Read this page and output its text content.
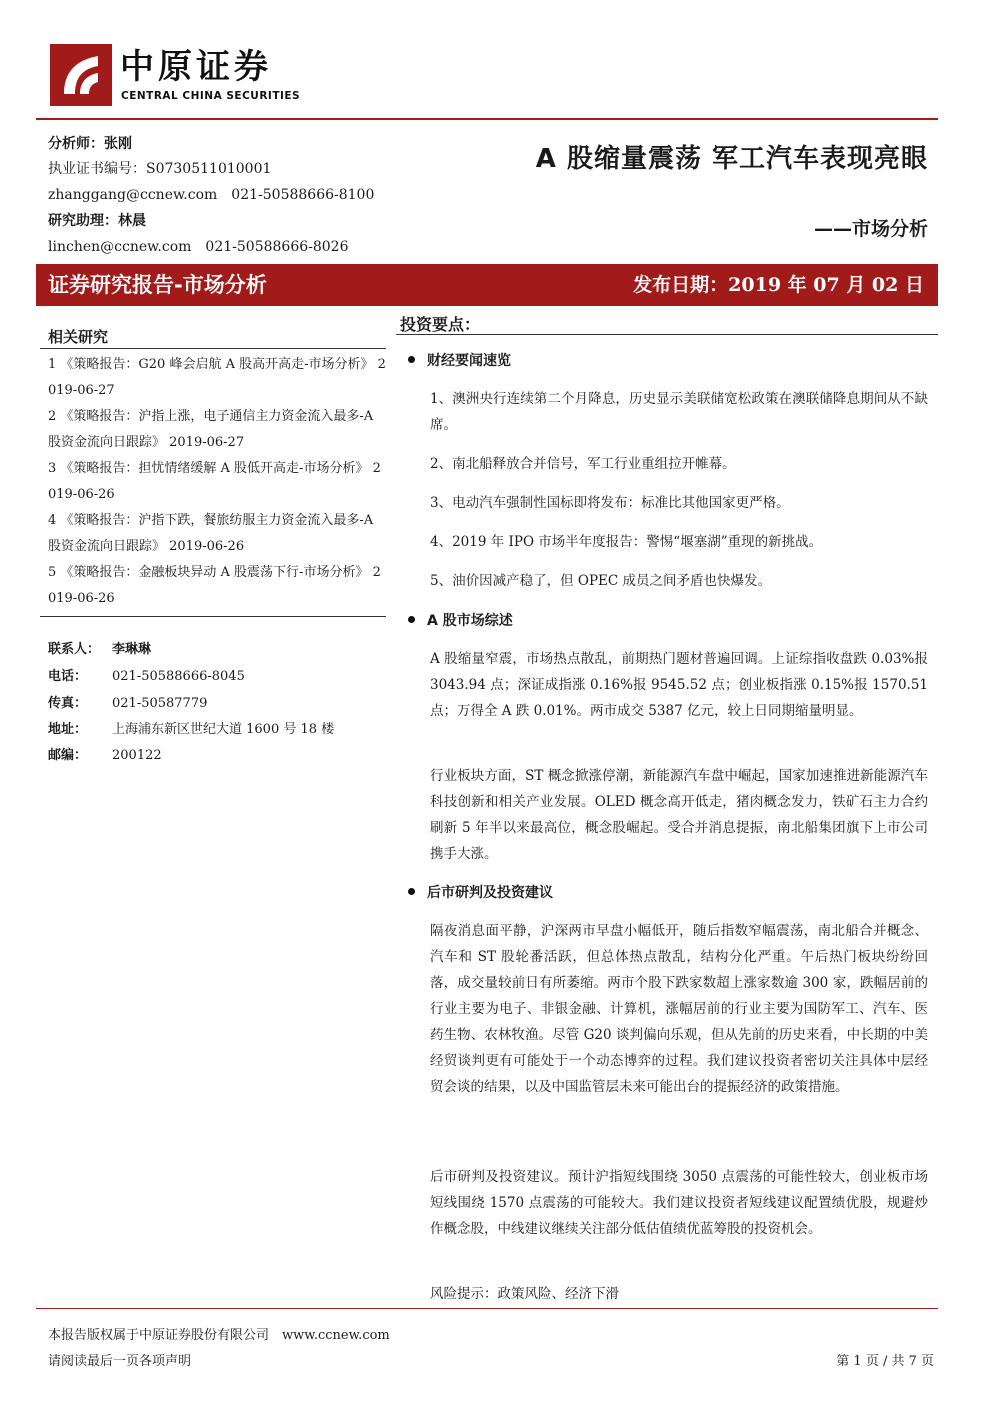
中原证券
CENTRAL CHINA SECURITIES
分析师：张刚
执业证书编号：S0730511010001
zhanggang@ccnew.com　021-50588666-8100
研究助理：林晨
linchen@ccnew.com　021-50588666-8026
A 股缩量震荡 军工汽车表现亮眼
——市场分析
证券研究报告-市场分析	发布日期：2019 年 07 月 02 日
相关研究
1 《策略报告：G20 峰会启航 A 股高开高走-市场分析》 2019-06-27
2 《策略报告：沪指上涨，电子通信主力资金流入最多-A 股资金流向日跟踪》 2019-06-27
3 《策略报告：担忧情绪缓解 A 股低开高走-市场分析》 2019-06-26
4 《策略报告：沪指下跌，餐旅纺服主力资金流入最多-A 股资金流向日跟踪》 2019-06-26
5 《策略报告：金融板块异动 A 股震荡下行-市场分析》 2019-06-26
联系人： 李琳琳
电话： 021-50588666-8045
传真： 021-50587779
地址： 上海浦东新区世纪大道 1600 号 18 楼
邮编： 200122
投资要点：
财经要闻速览
1、澳洲央行连续第二个月降息，历史显示美联储宽松政策在澳联储降息期间从不缺席。
2、南北船释放合并信号，军工行业重组拉开帷幕。
3、电动汽车强制性国标即将发布：标准比其他国家更严格。
4、2019 年 IPO 市场半年度报告：警惕“堰塞湖”重现的新挑战。
5、油价因减产稳了，但 OPEC 成员之间矛盾也快爆发。
A 股市场综述
A 股缩量窄震，市场热点散乱，前期热门题材普遍回调。上证综指收盘跌 0.03%报 3043.94 点；深证成指涨 0.16%报 9545.52 点；创业板指涨 0.15%报 1570.51 点；万得全 A 跌 0.01%。两市成交 5387 亿元，较上日同期缩量明显。
行业板块方面，ST 概念掀涨停潮，新能源汽车盘中崛起，国家加速推进新能源汽车科技创新和相关产业发展。OLED 概念高开低走，猪肉概念发力，铁矿石主力合约刷新 5 年半以来最高位，概念股崛起。受合并消息提振，南北船集团旗下上市公司携手大涨。
后市研判及投资建议
隔夜消息面平静，沪深两市早盘小幅低开，随后指数窄幅震荡，南北船合并概念、汽车和 ST 股轮番活跃，但总体热点散乱，结构分化严重。午后热门板块纷纷回落，成交量较前日有所萎缩。两市个股下跌家数超上涨家数逾 300 家，跌幅居前的行业主要为电子、非银金融、计算机，涨幅居前的行业主要为国防军工、汽车、医药生物、农林牧渔。尽管 G20 谈判偏向乐观，但从先前的历史来看，中长期的中美经贸谈判更有可能处于一个动态博弈的过程。我们建议投资者密切关注具体中层经贸会谈的结果，以及中国监管层未来可能出台的提振经济的政策措施。
后市研判及投资建议。预计沪指短线围绕 3050 点震荡的可能性较大，创业板市场短线围绕 1570 点震荡的可能较大。我们建议投资者短线建议配置绩优股，规避炒作概念股，中线建议继续关注部分低估值绩优蓝筹股的投资机会。
风险提示：政策风险、经济下滑
本报告版权属于中原证券股份有限公司　www.ccnew.com
请阅读最后一页各项声明	第 1 页 / 共 7 页
